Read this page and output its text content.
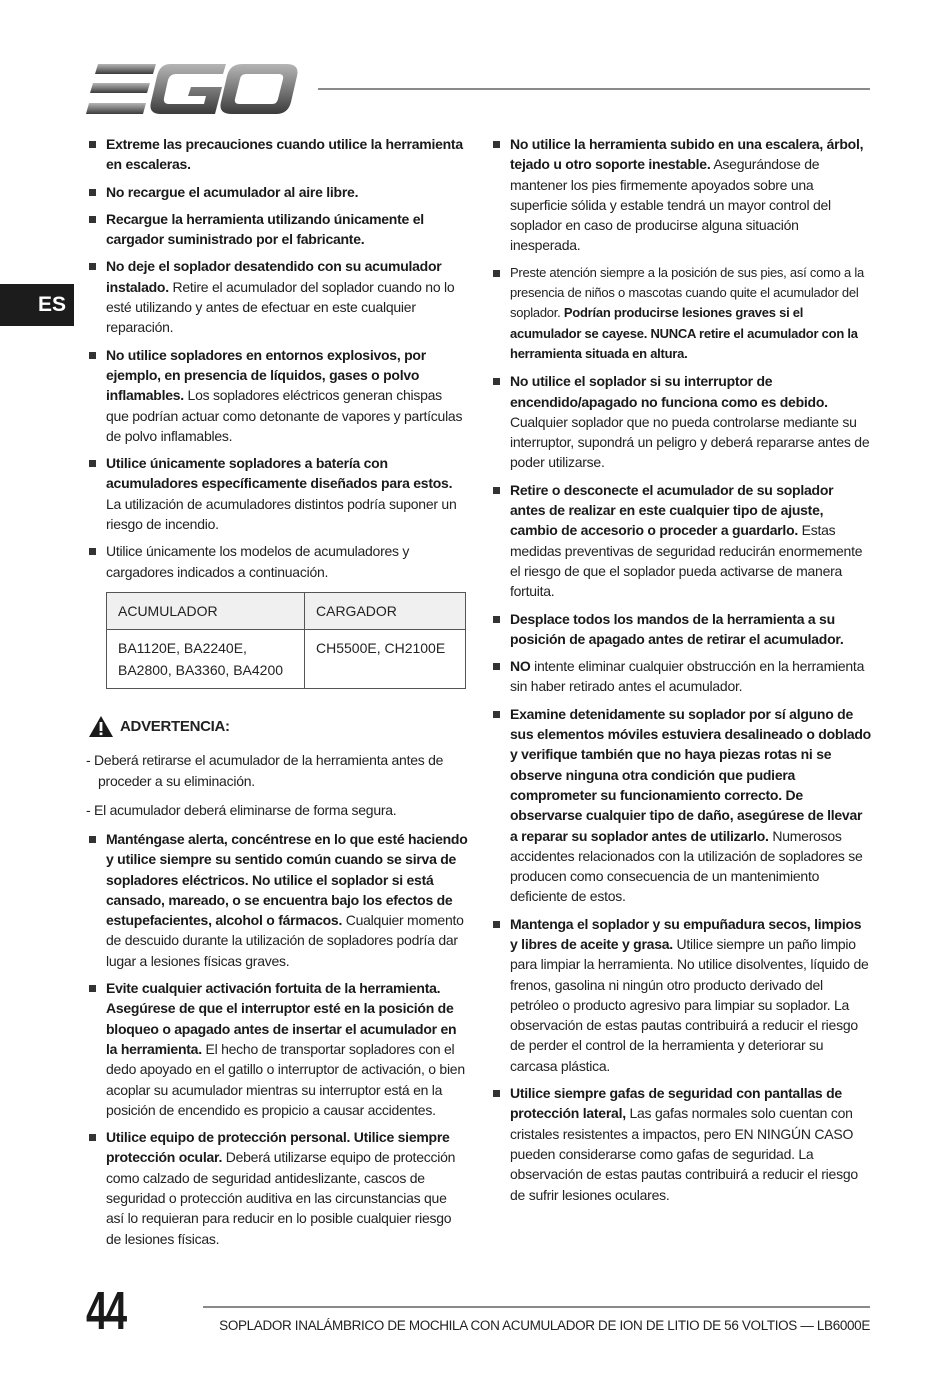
ES
Extreme las precauciones cuando utilice la herramienta en escaleras.
No recargue el acumulador al aire libre.
Recargue la herramienta utilizando únicamente el cargador suministrado por el fabricante.
No deje el soplador desatendido con su acumulador instalado. Retire el acumulador del soplador cuando no lo esté utilizando y antes de efectuar en este cualquier reparación.
No utilice sopladores en entornos explosivos, por ejemplo, en presencia de líquidos, gases o polvo inflamables. Los sopladores eléctricos generan chispas que podrían actuar como detonante de vapores y partículas de polvo inflamables.
Utilice únicamente sopladores a batería con acumuladores específicamente diseñados para estos. La utilización de acumuladores distintos podría suponer un riesgo de incendio.
Utilice únicamente los modelos de acumuladores y cargadores indicados a continuación.
ACUMULADOR	CARGADOR
BA1120E, BA2240E, BA2800, BA3360, BA4200	CH5500E, CH2100E
ADVERTENCIA:

- Deberá retirarse el acumulador de la herramienta antes de proceder a su eliminación.

- El acumulador deberá eliminarse de forma segura.

Manténgase alerta, concéntrese en lo que esté haciendo y utilice siempre su sentido común cuando se sirva de sopladores eléctricos. No utilice el soplador si está cansado, mareado, o se encuentra bajo los efectos de estupefacientes, alcohol o fármacos. Cualquier momento de descuido durante la utilización de sopladores podría dar lugar a lesiones físicas graves.
Evite cualquier activación fortuita de la herramienta. Asegúrese de que el interruptor esté en la posición de bloqueo o apagado antes de insertar el acumulador en la herramienta. El hecho de transportar sopladores con el dedo apoyado en el gatillo o interruptor de activación, o bien acoplar su acumulador mientras su interruptor está en la posición de encendido es propicio a causar accidentes.
Utilice equipo de protección personal. Utilice siempre protección ocular. Deberá utilizarse equipo de protección como calzado de seguridad antideslizante, cascos de seguridad o protección auditiva en las circunstancias que así lo requieran para reducir en lo posible cualquier riesgo de lesiones físicas.
No utilice la herramienta subido en una escalera, árbol, tejado u otro soporte inestable. Asegurándose de mantener los pies firmemente apoyados sobre una superficie sólida y estable tendrá un mayor control del soplador en caso de producirse alguna situación inesperada.
Preste atención siempre a la posición de sus pies, así como a la presencia de niños o mascotas cuando quite el acumulador del soplador. Podrían producirse lesiones graves si el acumulador se cayese. NUNCA retire el acumulador con la herramienta situada en altura.
No utilice el soplador si su interruptor de encendido/apagado no funciona como es debido. Cualquier soplador que no pueda controlarse mediante su interruptor, supondrá un peligro y deberá repararse antes de poder utilizarse.
Retire o desconecte el acumulador de su soplador antes de realizar en este cualquier tipo de ajuste, cambio de accesorio o proceder a guardarlo. Estas medidas preventivas de seguridad reducirán enormemente el riesgo de que el soplador pueda activarse de manera fortuita.
Desplace todos los mandos de la herramienta a su posición de apagado antes de retirar el acumulador.
NO intente eliminar cualquier obstrucción en la herramienta sin haber retirado antes el acumulador.
Examine detenidamente su soplador por sí alguno de sus elementos móviles estuviera desalineado o doblado y verifique también que no haya piezas rotas ni se observe ninguna otra condición que pudiera comprometer su funcionamiento correcto. De observarse cualquier tipo de daño, asegúrese de llevar a reparar su soplador antes de utilizarlo. Numerosos accidentes relacionados con la utilización de sopladores se producen como consecuencia de un mantenimiento deficiente de estos.
Mantenga el soplador y su empuñadura secos, limpios y libres de aceite y grasa. Utilice siempre un paño limpio para limpiar la herramienta. No utilice disolventes, líquido de frenos, gasolina ni ningún otro producto derivado del petróleo o producto agresivo para limpiar su soplador. La observación de estas pautas contribuirá a reducir el riesgo de perder el control de la herramienta y deteriorar su carcasa plástica.
Utilice siempre gafas de seguridad con pantallas de protección lateral, Las gafas normales solo cuentan con cristales resistentes a impactos, pero EN NINGÚN CASO pueden considerarse como gafas de seguridad. La observación de estas pautas contribuirá a reducir el riesgo de sufrir lesiones oculares.
44	SOPLADOR INALÁMBRICO DE MOCHILA CON ACUMULADOR DE ION DE LITIO DE 56 VOLTIOS — LB6000E
